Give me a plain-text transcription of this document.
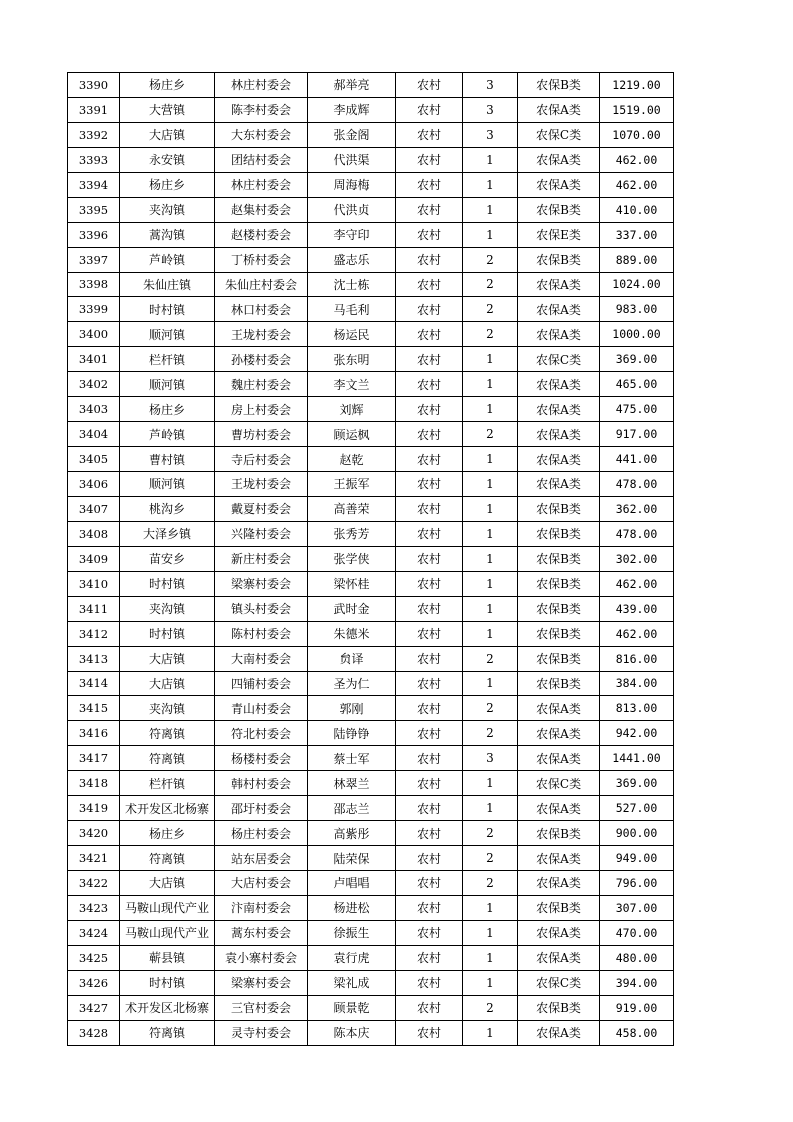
3390	杨庄乡	林庄村委会	郝举亮	农村	3	农保B类	1219.00
3391	大营镇	陈李村委会	李成辉	农村	3	农保A类	1519.00
3392	大店镇	大东村委会	张金阁	农村	3	农保C类	1070.00
3393	永安镇	团结村委会	代洪渠	农村	1	农保A类	462.00
3394	杨庄乡	林庄村委会	周海梅	农村	1	农保A类	462.00
3395	夹沟镇	赵集村委会	代洪贞	农村	1	农保B类	410.00
3396	蒿沟镇	赵楼村委会	李守印	农村	1	农保E类	337.00
3397	芦岭镇	丁桥村委会	盛志乐	农村	2	农保B类	889.00
3398	朱仙庄镇	朱仙庄村委会	沈士栋	农村	2	农保A类	1024.00
3399	时村镇	林口村委会	马毛利	农村	2	农保A类	983.00
3400	顺河镇	王垅村委会	杨运民	农村	2	农保A类	1000.00
3401	栏杆镇	孙楼村委会	张东明	农村	1	农保C类	369.00
3402	顺河镇	魏庄村委会	李文兰	农村	1	农保A类	465.00
3403	杨庄乡	房上村委会	刘辉	农村	1	农保A类	475.00
3404	芦岭镇	曹坊村委会	顾运枫	农村	2	农保A类	917.00
3405	曹村镇	寺后村委会	赵乾	农村	1	农保A类	441.00
3406	顺河镇	王垅村委会	王振军	农村	1	农保A类	478.00
3407	桃沟乡	戴夏村委会	高善荣	农村	1	农保B类	362.00
3408	大泽乡镇	兴隆村委会	张秀芳	农村	1	农保B类	478.00
3409	苗安乡	新庄村委会	张学侠	农村	1	农保B类	302.00
3410	时村镇	梁寨村委会	梁怀桂	农村	1	农保B类	462.00
3411	夹沟镇	镇头村委会	武时金	农村	1	农保B类	439.00
3412	时村镇	陈村村委会	朱德米	农村	1	农保B类	462.00
3413	大店镇	大南村委会	贠译	农村	2	农保B类	816.00
3414	大店镇	四铺村委会	圣为仁	农村	1	农保B类	384.00
3415	夹沟镇	青山村委会	郭刚	农村	2	农保A类	813.00
3416	符离镇	符北村委会	陆铮铮	农村	2	农保A类	942.00
3417	符离镇	杨楼村委会	蔡士军	农村	3	农保A类	1441.00
3418	栏杆镇	韩村村委会	林翠兰	农村	1	农保C类	369.00
3419	术开发区北杨寨	邵圩村委会	邵志兰	农村	1	农保A类	527.00
3420	杨庄乡	杨庄村委会	高紫彤	农村	2	农保B类	900.00
3421	符离镇	站东居委会	陆荣保	农村	2	农保A类	949.00
3422	大店镇	大店村委会	卢唱唱	农村	2	农保A类	796.00
3423	马鞍山现代产业	汴南村委会	杨进松	农村	1	农保B类	307.00
3424	马鞍山现代产业	蒿东村委会	徐振生	农村	1	农保A类	470.00
3425	蕲县镇	袁小寨村委会	袁行虎	农村	1	农保A类	480.00
3426	时村镇	梁寨村委会	梁礼成	农村	1	农保C类	394.00
3427	术开发区北杨寨	三官村委会	顾景乾	农村	2	农保B类	919.00
3428	符离镇	灵寺村委会	陈本庆	农村	1	农保A类	458.00
